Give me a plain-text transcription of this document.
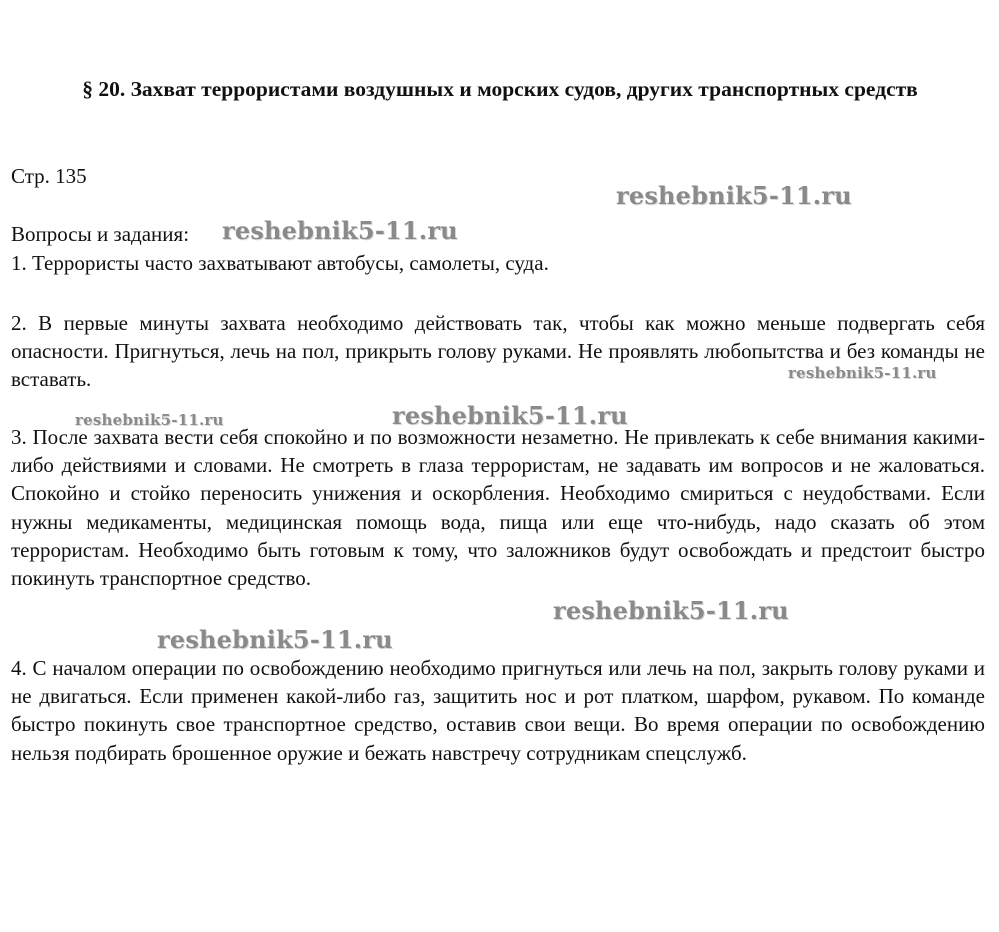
§ 20. Захват террористами воздушных и морских судов, других транспортных средств

Стр. 135

Вопросы и задания:

1. Террористы часто захватывают автобусы, самолеты, суда.

2. В первые минуты захвата необходимо действовать так, чтобы как можно меньше подвергать себя опасности. Пригнуться, лечь на пол, прикрыть голову руками. Не проявлять любопытства и без команды не вставать.

3. После захвата вести себя спокойно и по возможности незаметно. Не привлекать к себе внимания какими-либо действиями и словами. Не смотреть в глаза террористам, не задавать им вопросов и не жаловаться. Спокойно и стойко переносить унижения и оскорбления. Необходимо смириться с неудобствами. Если нужны медикаменты, медицинская помощь вода, пища или еще что-нибудь, надо сказать об этом террористам. Необходимо быть готовым к тому, что заложников будут освобождать и предстоит быстро покинуть транспортное средство.

4. С началом операции по освобождению необходимо пригнуться или лечь на пол, закрыть голову руками и не двигаться. Если применен какой-либо газ, защитить нос и рот платком, шарфом, рукавом. По команде быстро покинуть свое транспортное средство, оставив свои вещи. Во время операции по освобождению нельзя подбирать брошенное оружие и бежать навстречу сотрудникам спецслужб.

reshebnik5-11.ru
reshebnik5-11.ru
reshebnik5-11.ru
reshebnik5-11.ru	reshebnik5-11.ru
reshebnik5-11.ru
reshebnik5-11.ru
